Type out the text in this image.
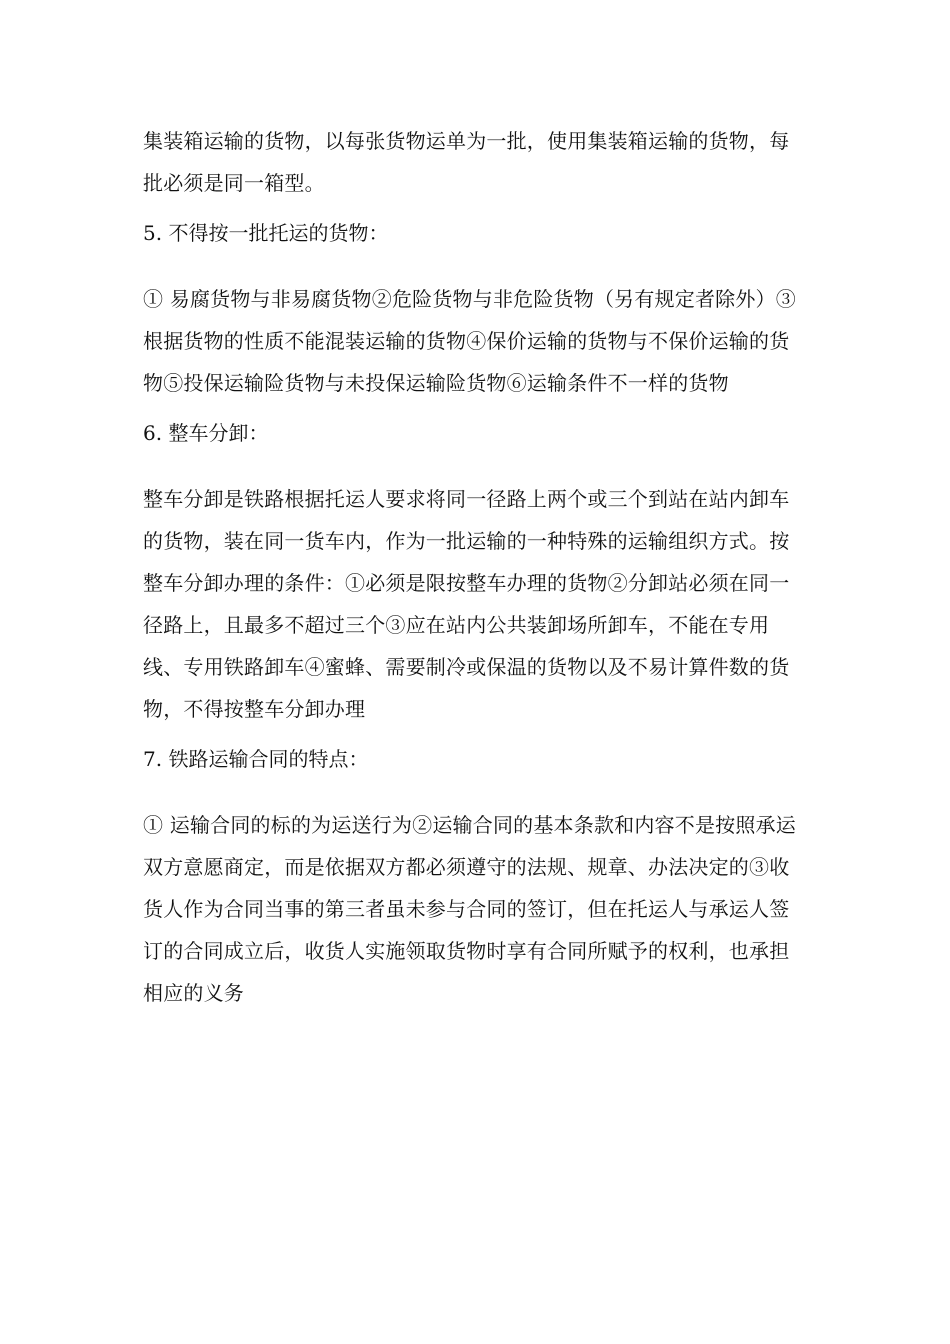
集装箱运输的货物，以每张货物运单为一批，使用集装箱运输的货物，每批必须是同一箱型。

5. 不得按一批托运的货物：

① 易腐货物与非易腐货物②危险货物与非危险货物（另有规定者除外）③根据货物的性质不能混装运输的货物④保价运输的货物与不保价运输的货物⑤投保运输险货物与未投保运输险货物⑥运输条件不一样的货物

6. 整车分卸：

整车分卸是铁路根据托运人要求将同一径路上两个或三个到站在站内卸车的货物，装在同一货车内，作为一批运输的一种特殊的运输组织方式。按整车分卸办理的条件：①必须是限按整车办理的货物②分卸站必须在同一径路上，且最多不超过三个③应在站内公共装卸场所卸车，不能在专用线、专用铁路卸车④蜜蜂、需要制冷或保温的货物以及不易计算件数的货物，不得按整车分卸办理

7. 铁路运输合同的特点：

① 运输合同的标的为运送行为②运输合同的基本条款和内容不是按照承运双方意愿商定，而是依据双方都必须遵守的法规、规章、办法决定的③收货人作为合同当事的第三者虽未参与合同的签订，但在托运人与承运人签订的合同成立后，收货人实施领取货物时享有合同所赋予的权利，也承担相应的义务
